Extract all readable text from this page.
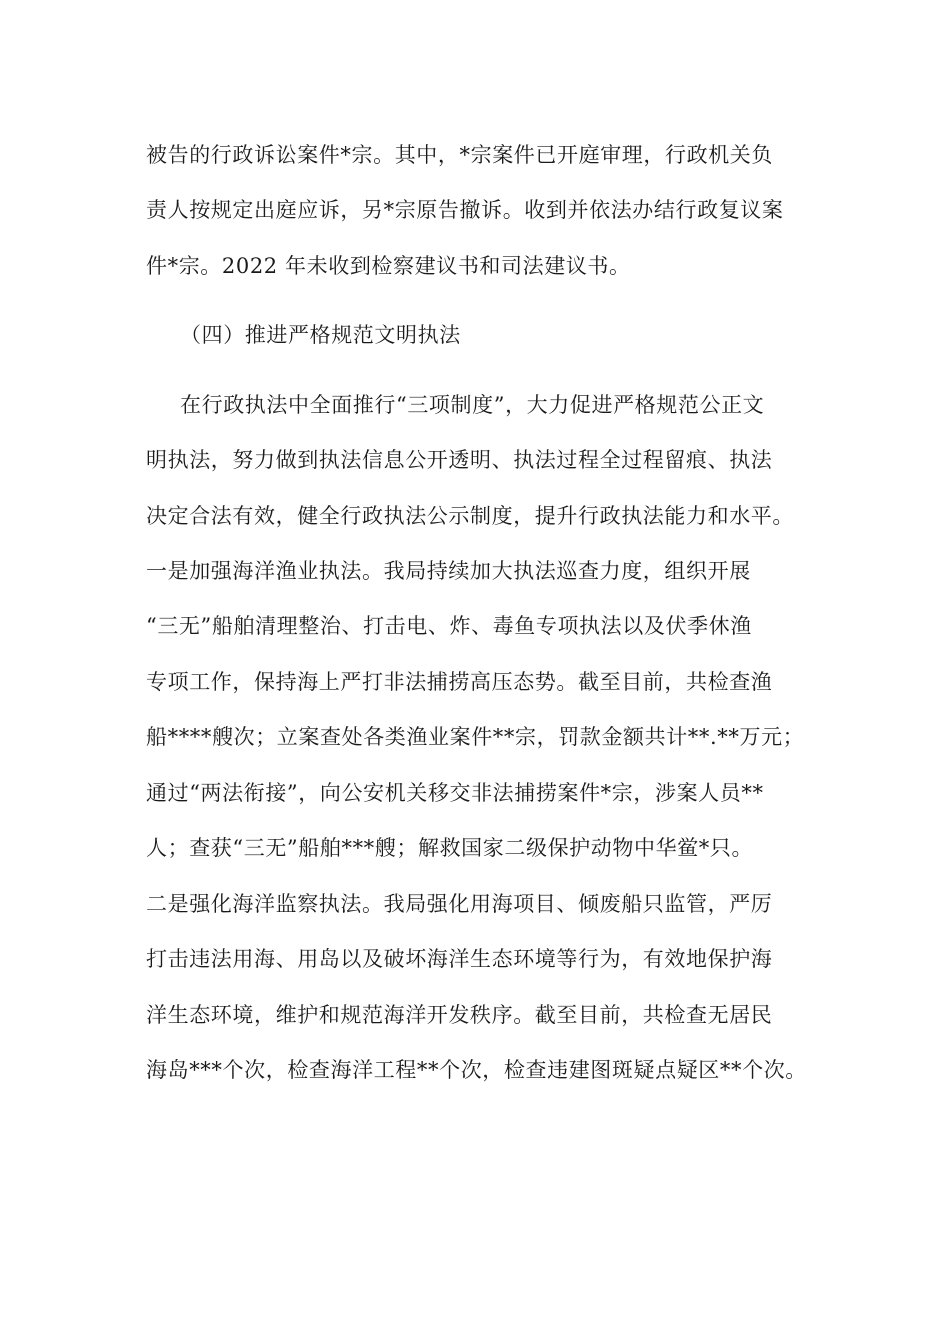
被告的行政诉讼案件*宗。其中，*宗案件已开庭审理，行政机关负
责人按规定出庭应诉，另*宗原告撤诉。收到并依法办结行政复议案
件*宗。2022 年未收到检察建议书和司法建议书。
（四）推进严格规范文明执法
在行政执法中全面推行“三项制度”，大力促进严格规范公正文
明执法，努力做到执法信息公开透明、执法过程全过程留痕、执法
决定合法有效，健全行政执法公示制度，提升行政执法能力和水平。
一是加强海洋渔业执法。我局持续加大执法巡查力度，组织开展
“三无”船舶清理整治、打击电、炸、毒鱼专项执法以及伏季休渔
专项工作，保持海上严打非法捕捞高压态势。截至目前，共检查渔
船****艘次；立案查处各类渔业案件**宗，罚款金额共计**.**万元；
通过“两法衔接”，向公安机关移交非法捕捞案件*宗，涉案人员**
人；查获“三无”船舶***艘；解救国家二级保护动物中华鲎*只。
二是强化海洋监察执法。我局强化用海项目、倾废船只监管，严厉
打击违法用海、用岛以及破坏海洋生态环境等行为，有效地保护海
洋生态环境，维护和规范海洋开发秩序。截至目前，共检查无居民
海岛***个次，检查海洋工程**个次，检查违建图斑疑点疑区**个次。
